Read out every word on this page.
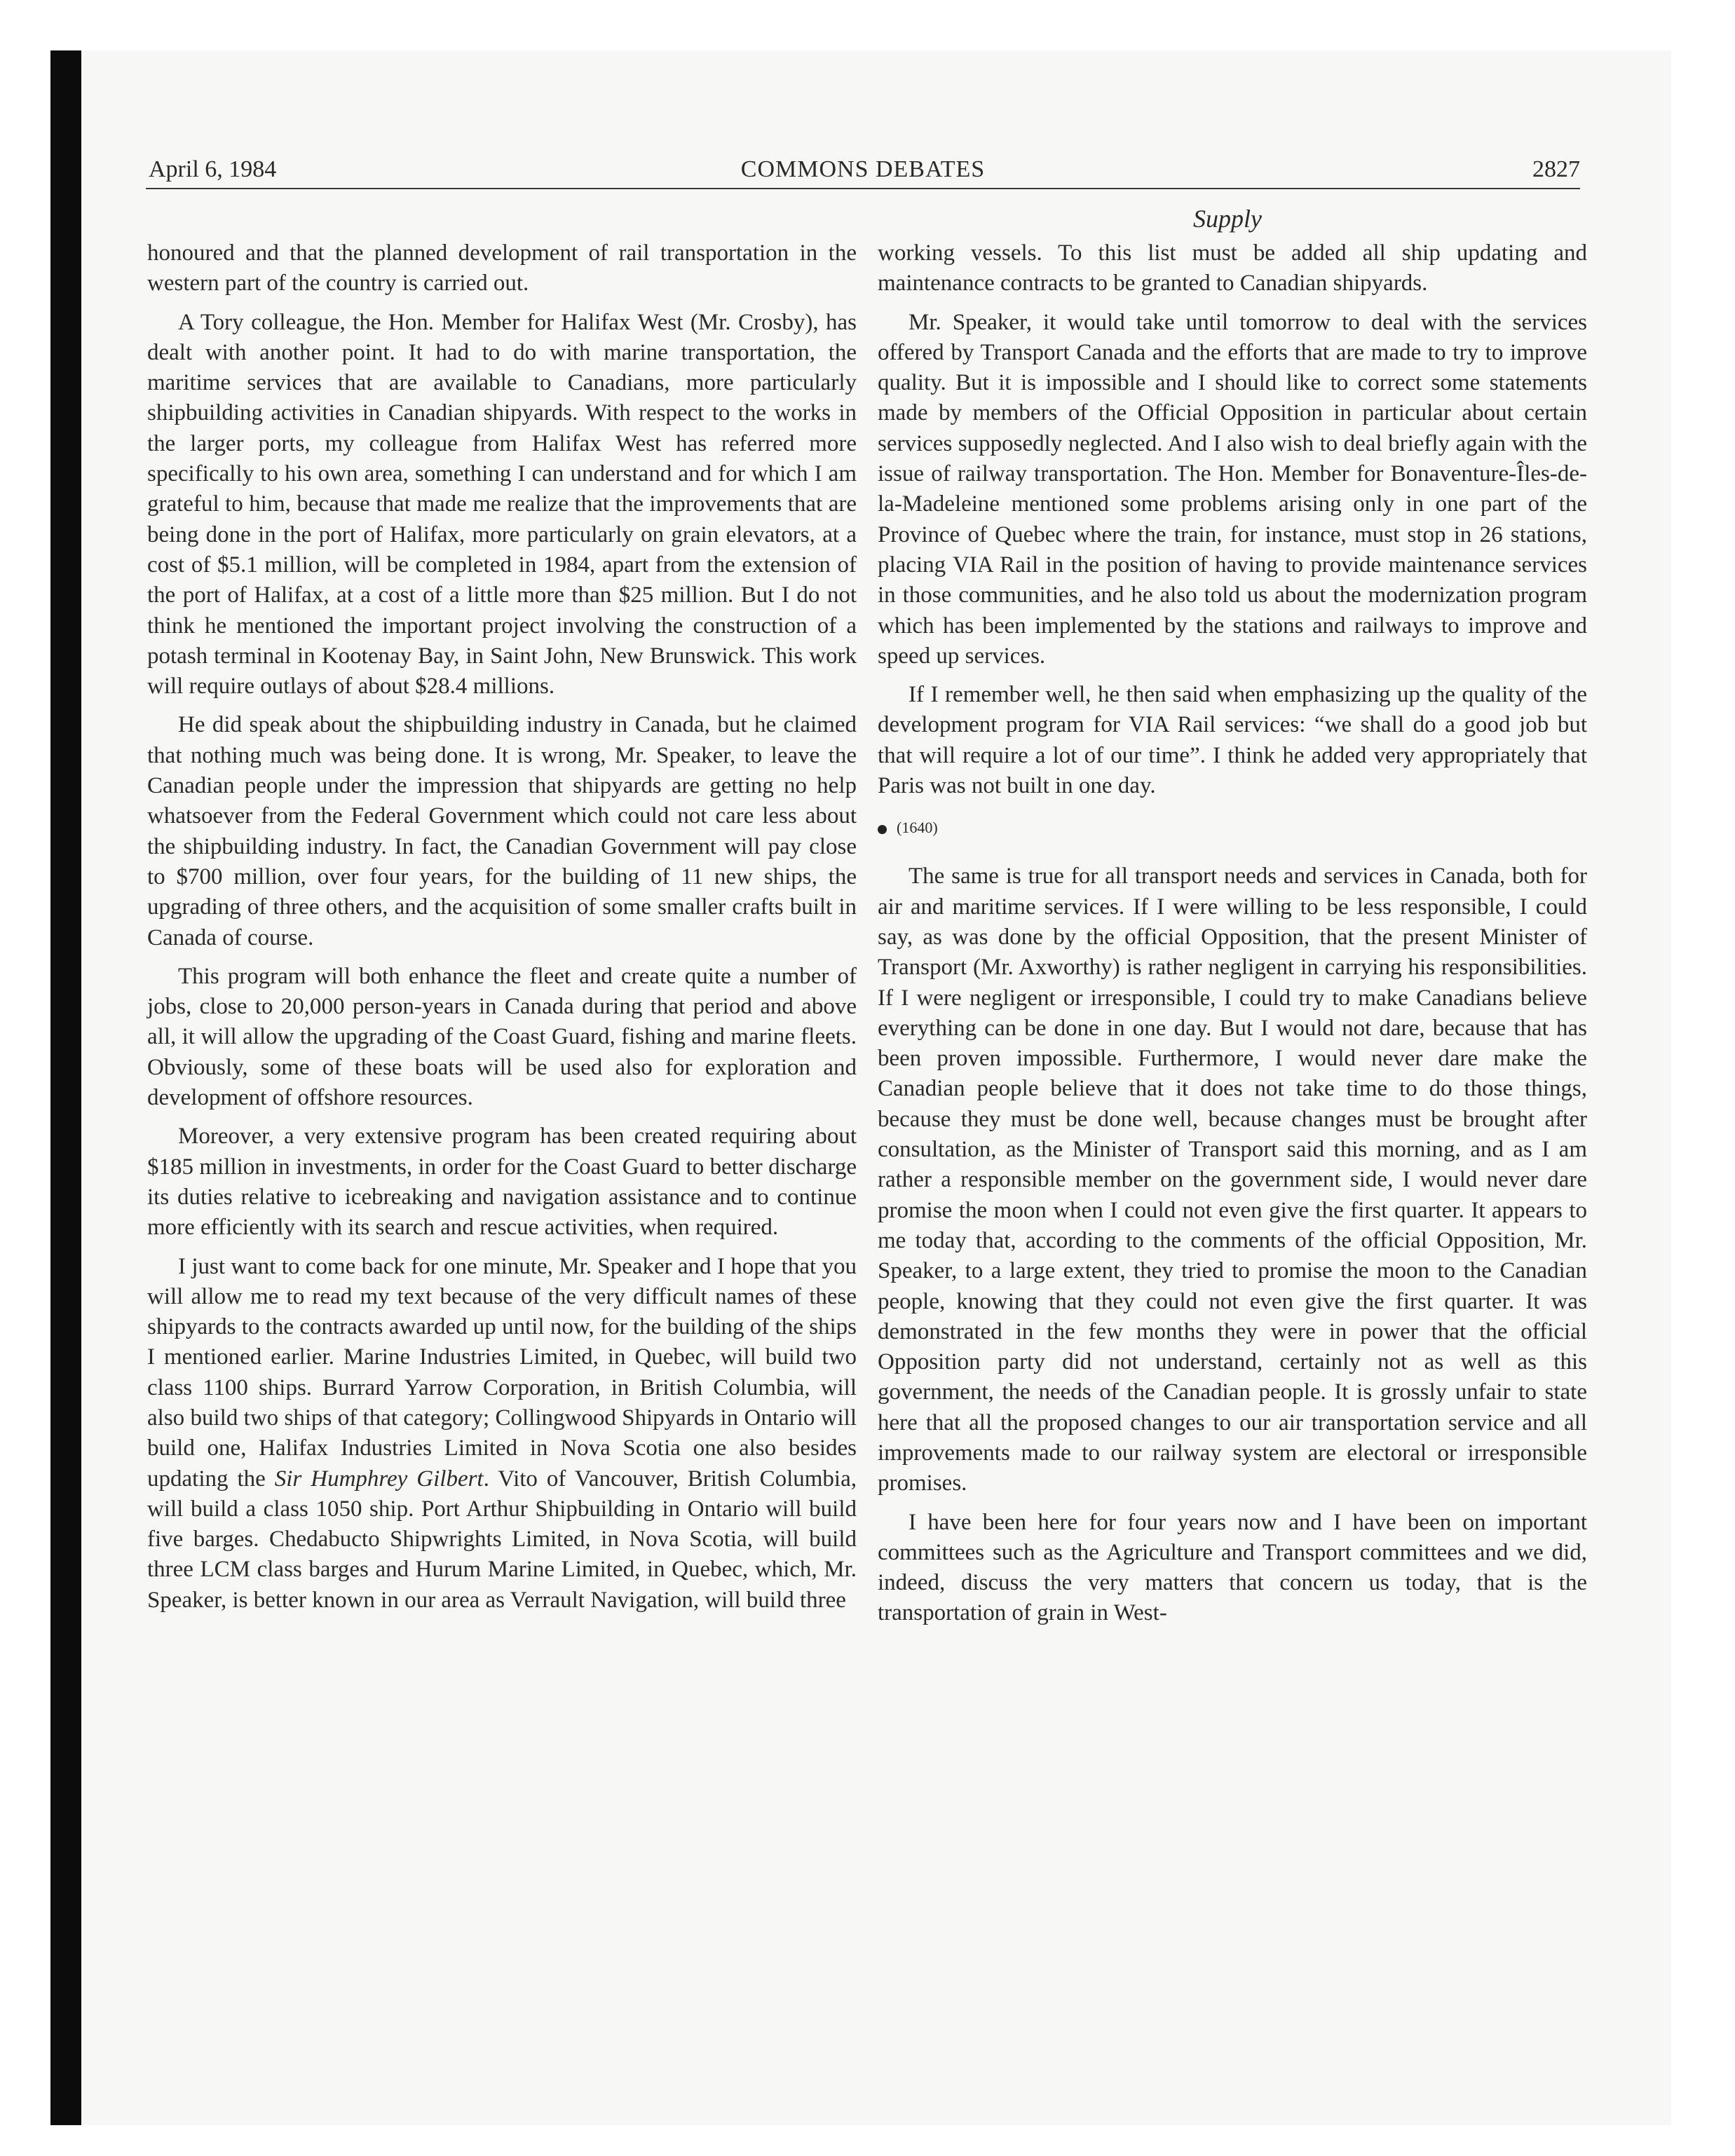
April 6, 1984	COMMONS DEBATES	2827
Supply

honoured and that the planned development of rail transportation in the western part of the country is carried out.

A Tory colleague, the Hon. Member for Halifax West (Mr. Crosby), has dealt with another point. It had to do with marine transportation, the maritime services that are available to Canadians, more particularly shipbuilding activities in Canadian shipyards. With respect to the works in the larger ports, my colleague from Halifax West has referred more specifically to his own area, something I can understand and for which I am grateful to him, because that made me realize that the improvements that are being done in the port of Halifax, more particularly on grain elevators, at a cost of $5.1 million, will be completed in 1984, apart from the extension of the port of Halifax, at a cost of a little more than $25 million. But I do not think he mentioned the important project involving the construction of a potash terminal in Kootenay Bay, in Saint John, New Brunswick. This work will require outlays of about $28.4 millions.

He did speak about the shipbuilding industry in Canada, but he claimed that nothing much was being done. It is wrong, Mr. Speaker, to leave the Canadian people under the impression that shipyards are getting no help whatsoever from the Federal Government which could not care less about the shipbuilding industry. In fact, the Canadian Government will pay close to $700 million, over four years, for the building of 11 new ships, the upgrading of three others, and the acquisition of some smaller crafts built in Canada of course.

This program will both enhance the fleet and create quite a number of jobs, close to 20,000 person-years in Canada during that period and above all, it will allow the upgrading of the Coast Guard, fishing and marine fleets. Obviously, some of these boats will be used also for exploration and development of offshore resources.

Moreover, a very extensive program has been created requiring about $185 million in investments, in order for the Coast Guard to better discharge its duties relative to icebreaking and navigation assistance and to continue more efficiently with its search and rescue activities, when required.

I just want to come back for one minute, Mr. Speaker and I hope that you will allow me to read my text because of the very difficult names of these shipyards to the contracts awarded up until now, for the building of the ships I mentioned earlier. Marine Industries Limited, in Quebec, will build two class 1100 ships. Burrard Yarrow Corporation, in British Columbia, will also build two ships of that category; Collingwood Shipyards in Ontario will build one, Halifax Industries Limited in Nova Scotia one also besides updating the Sir Humphrey Gilbert. Vito of Vancouver, British Columbia, will build a class 1050 ship. Port Arthur Shipbuilding in Ontario will build five barges. Chedabucto Shipwrights Limited, in Nova Scotia, will build three LCM class barges and Hurum Marine Limited, in Quebec, which, Mr. Speaker, is better known in our area as Verrault Navigation, will build three

working vessels. To this list must be added all ship updating and maintenance contracts to be granted to Canadian shipyards.

Mr. Speaker, it would take until tomorrow to deal with the services offered by Transport Canada and the efforts that are made to try to improve quality. But it is impossible and I should like to correct some statements made by members of the Official Opposition in particular about certain services supposedly neglected. And I also wish to deal briefly again with the issue of railway transportation. The Hon. Member for Bonaventure-Îles-de-la-Madeleine mentioned some problems arising only in one part of the Province of Quebec where the train, for instance, must stop in 26 stations, placing VIA Rail in the position of having to provide maintenance services in those communities, and he also told us about the modernization program which has been implemented by the stations and railways to improve and speed up services.

If I remember well, he then said when emphasizing up the quality of the development program for VIA Rail services: “we shall do a good job but that will require a lot of our time”. I think he added very appropriately that Paris was not built in one day.

(1640)

The same is true for all transport needs and services in Canada, both for air and maritime services. If I were willing to be less responsible, I could say, as was done by the official Opposition, that the present Minister of Transport (Mr. Axworthy) is rather negligent in carrying his responsibilities. If I were negligent or irresponsible, I could try to make Canadians believe everything can be done in one day. But I would not dare, because that has been proven impossible. Furthermore, I would never dare make the Canadian people believe that it does not take time to do those things, because they must be done well, because changes must be brought after consultation, as the Minister of Transport said this morning, and as I am rather a responsible member on the government side, I would never dare promise the moon when I could not even give the first quarter. It appears to me today that, according to the comments of the official Opposition, Mr. Speaker, to a large extent, they tried to promise the moon to the Canadian people, knowing that they could not even give the first quarter. It was demonstrated in the few months they were in power that the official Opposition party did not understand, certainly not as well as this government, the needs of the Canadian people. It is grossly unfair to state here that all the proposed changes to our air transportation service and all improvements made to our railway system are electoral or irresponsible promises.

I have been here for four years now and I have been on important committees such as the Agriculture and Transport committees and we did, indeed, discuss the very matters that concern us today, that is the transportation of grain in West-
